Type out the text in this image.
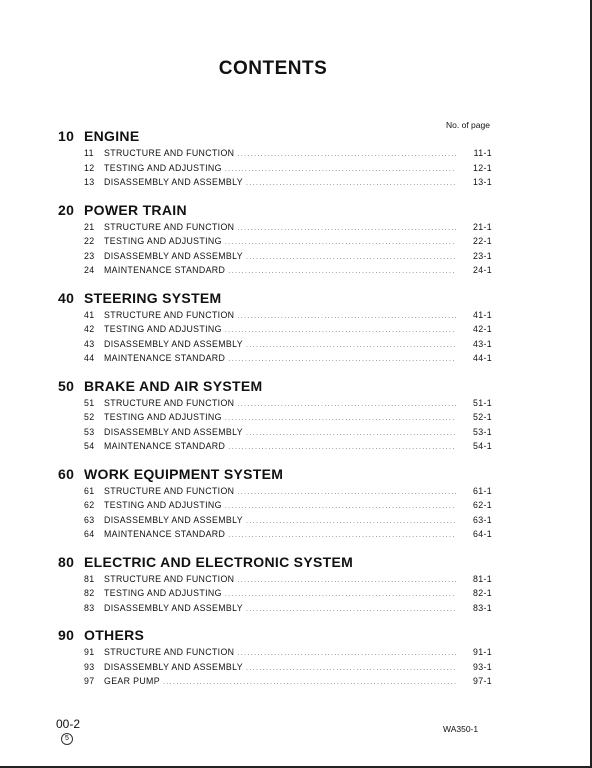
CONTENTS
No. of page
10 ENGINE
11	STRUCTURE AND FUNCTION .....	11-1
12	TESTING AND ADJUSTING .....	12-1
13	DISASSEMBLY AND ASSEMBLY .....	13-1
20 POWER TRAIN
21	STRUCTURE AND FUNCTION .....	21-1
22	TESTING AND ADJUSTING .....	22-1
23	DISASSEMBLY AND ASSEMBLY .....	23-1
24	MAINTENANCE STANDARD .....	24-1
40 STEERING SYSTEM
41	STRUCTURE AND FUNCTION .....	41-1
42	TESTING AND ADJUSTING .....	42-1
43	DISASSEMBLY AND ASSEMBLY .....	43-1
44	MAINTENANCE STANDARD .....	44-1
50 BRAKE AND AIR SYSTEM
51	STRUCTURE AND FUNCTION .....	51-1
52	TESTING AND ADJUSTING .....	52-1
53	DISASSEMBLY AND ASSEMBLY .....	53-1
54	MAINTENANCE STANDARD .....	54-1
60 WORK EQUIPMENT SYSTEM
61	STRUCTURE AND FUNCTION .....	61-1
62	TESTING AND ADJUSTING .....	62-1
63	DISASSEMBLY AND ASSEMBLY .....	63-1
64	MAINTENANCE STANDARD .....	64-1
80 ELECTRIC AND ELECTRONIC SYSTEM
81	STRUCTURE AND FUNCTION .....	81-1
82	TESTING AND ADJUSTING .....	82-1
83	DISASSEMBLY AND ASSEMBLY .....	83-1
90 OTHERS
91	STRUCTURE AND FUNCTION .....	91-1
93	DISASSEMBLY AND ASSEMBLY .....	93-1
97	GEAR PUMP .....	97-1
00-2
5
WA350-1
